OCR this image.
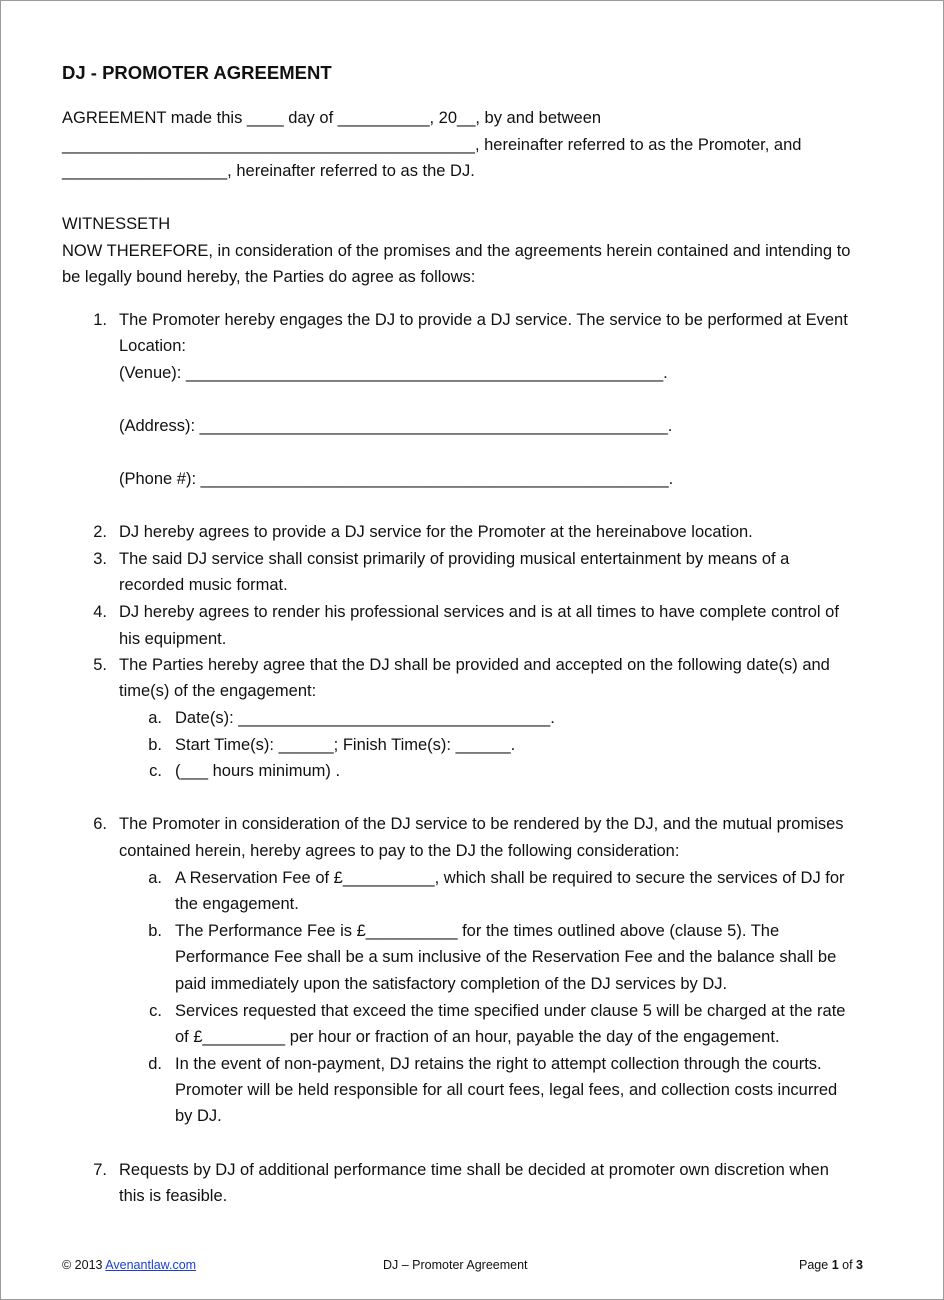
DJ - PROMOTER AGREEMENT
AGREEMENT made this ____ day of __________, 20__, by and between
_____________________________________________, hereinafter referred to as the Promoter, and
__________________, hereinafter referred to as the DJ.
WITNESSETH
NOW THEREFORE, in consideration of the promises and the agreements herein contained and intending to
be legally bound hereby, the Parties do agree as follows:
1. The Promoter hereby engages the DJ to provide a DJ service. The service to be performed at Event
Location:
(Venue): ____________________________________________________.
(Address): ___________________________________________________.
(Phone #): ___________________________________________________.
2. DJ hereby agrees to provide a DJ service for the Promoter at the hereinabove location.
3. The said DJ service shall consist primarily of providing musical entertainment by means of a
recorded music format.
4. DJ hereby agrees to render his professional services and is at all times to have complete control of
his equipment.
5. The Parties hereby agree that the DJ shall be provided and accepted on the following date(s) and
time(s) of the engagement:
a. Date(s): __________________________________.
b. Start Time(s): ______; Finish Time(s): ______.
c. (___ hours minimum) .
6. The Promoter in consideration of the DJ service to be rendered by the DJ, and the mutual promises
contained herein, hereby agrees to pay to the DJ the following consideration:
a. A Reservation Fee of £__________, which shall be required to secure the services of DJ for
the engagement.
b. The Performance Fee is £__________ for the times outlined above (clause 5). The
Performance Fee shall be a sum inclusive of the Reservation Fee and the balance shall be
paid immediately upon the satisfactory completion of the DJ services by DJ.
c. Services requested that exceed the time specified under clause 5 will be charged at the rate
of £_________ per hour or fraction of an hour, payable the day of the engagement.
d. In the event of non-payment, DJ retains the right to attempt collection through the courts.
Promoter will be held responsible for all court fees, legal fees, and collection costs incurred
by DJ.
7. Requests by DJ of additional performance time shall be decided at promoter own discretion when
this is feasible.
© 2013 Avenantlaw.com	DJ – Promoter Agreement	Page 1 of 3
